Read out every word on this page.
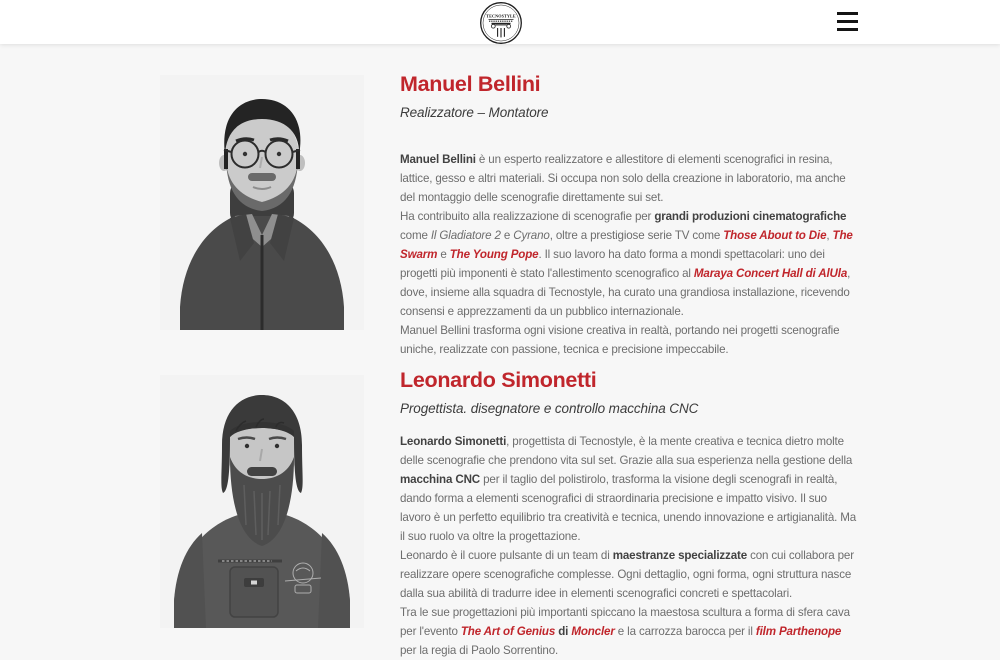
TECNOSTYLE
Manuel Bellini
Realizzatore – Montatore

Manuel Bellini è un esperto realizzatore e allestitore di elementi scenografici in resina, lattice, gesso e altri materiali. Si occupa non solo della creazione in laboratorio, ma anche del montaggio delle scenografie direttamente sui set.

Ha contribuito alla realizzazione di scenografie per grandi produzioni cinematografiche come Il Gladiatore 2 e Cyrano, oltre a prestigiose serie TV come Those About to Die, The Swarm e The Young Pope. Il suo lavoro ha dato forma a mondi spettacolari: uno dei progetti più imponenti è stato l'allestimento scenografico al Maraya Concert Hall di AlUla, dove, insieme alla squadra di Tecnostyle, ha curato una grandiosa installazione, ricevendo consensi e apprezzamenti da un pubblico internazionale.

Manuel Bellini trasforma ogni visione creativa in realtà, portando nei progetti scenografie uniche, realizzate con passione, tecnica e precisione impeccabile.

Leonardo Simonetti
Progettista. disegnatore e controllo macchina CNC

Leonardo Simonetti, progettista di Tecnostyle, è la mente creativa e tecnica dietro molte delle scenografie che prendono vita sul set. Grazie alla sua esperienza nella gestione della macchina CNC per il taglio del polistirolo, trasforma la visione degli scenografi in realtà, dando forma a elementi scenografici di straordinaria precisione e impatto visivo. Il suo lavoro è un perfetto equilibrio tra creatività e tecnica, unendo innovazione e artigianalità. Ma il suo ruolo va oltre la progettazione.

Leonardo è il cuore pulsante di un team di maestranze specializzate con cui collabora per realizzare opere scenografiche complesse. Ogni dettaglio, ogni forma, ogni struttura nasce dalla sua abilità di tradurre idee in elementi scenografici concreti e spettacolari.

Tra le sue progettazioni più importanti spiccano la maestosa scultura a forma di sfera cava per l'evento The Art of Genius di Moncler e la carrozza barocca per il film Parthenope per la regia di Paolo Sorrentino.
